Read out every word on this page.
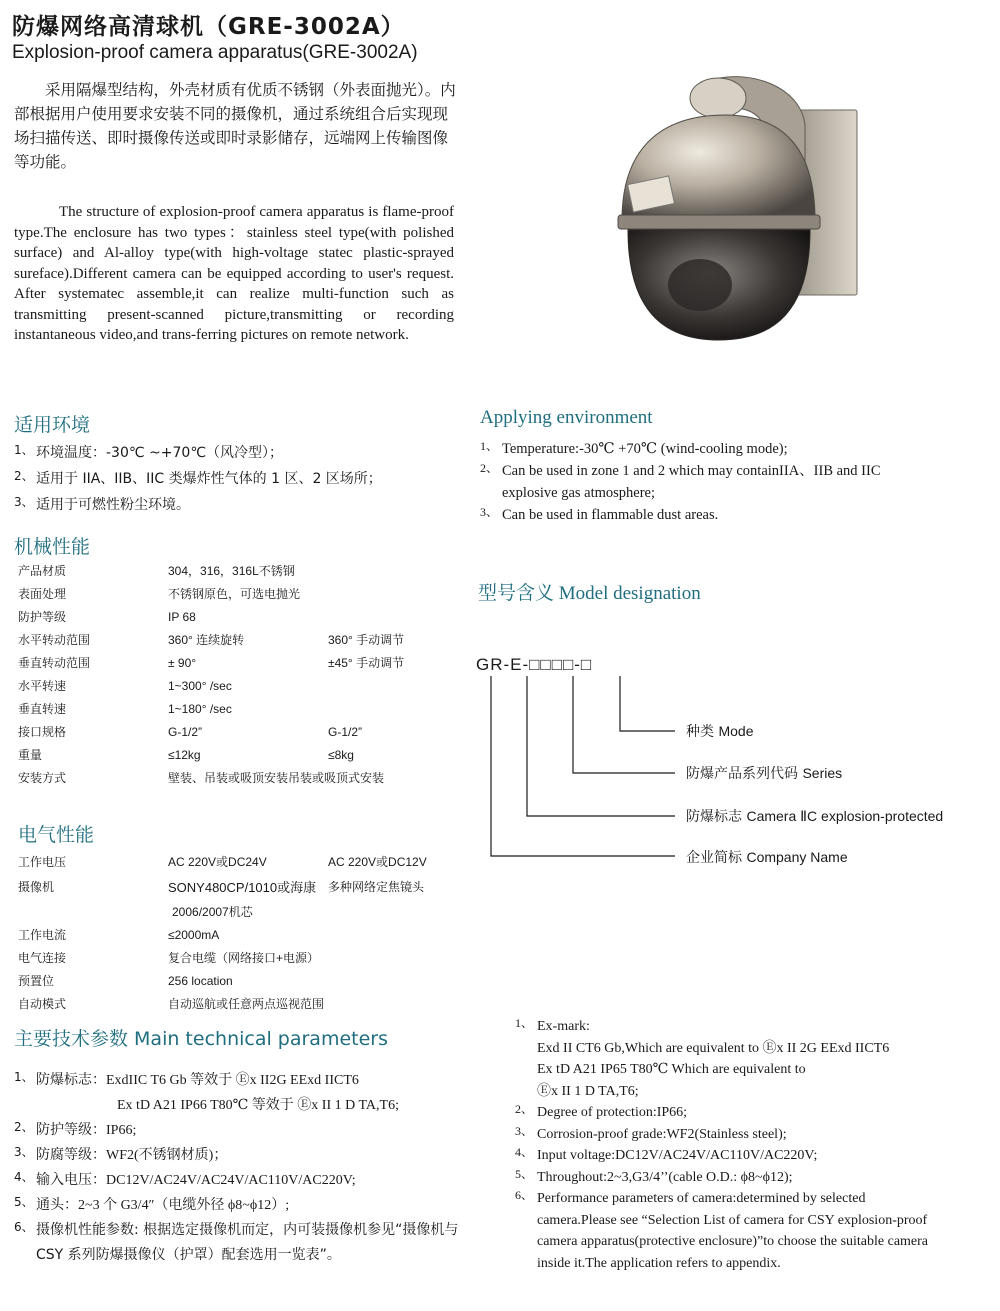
防爆网络高清球机（GRE-3002A）
Explosion-proof camera apparatus(GRE-3002A)

采用隔爆型结构，外壳材质有优质不锈钢（外表面抛光）。内部根据用户使用要求安装不同的摄像机，通过系统组合后实现现场扫描传送、即时摄像传送或即时录影储存，远端网上传输图像等功能。

The structure of explosion-proof camera apparatus is flame-proof type.The enclosure has two types：stainless steel type(with polished surface) and Al-alloy type(with high-voltage statec plastic-sprayed sureface).Different camera can be equipped according to user's request. After systematec assemble,it can realize multi-function such as transmitting present-scanned picture,transmitting or recording instantaneous video,and trans-ferring pictures on remote network.

适用环境
1、 环境温度：-30℃ ~+70℃（风冷型）；
2、 适用于 IIA、IIB、IIC 类爆炸性气体的 1 区、2 区场所；
3、 适用于可燃性粉尘环境。
Applying environment
1、 Temperature:-30℃ +70℃ (wind-cooling mode);
2、 Can be used in zone 1 and 2 which may containIIA、IIB and IIC explosive gas atmosphere;
3、 Can be used in flammable dust areas.
机械性能
产品材质	304，316，316L不锈钢	
表面处理	不锈钢原色，可选电抛光	
防护等级	IP 68	
水平转动范围	360° 连续旋转	360° 手动调节
垂直转动范围	± 90°	±45° 手动调节
水平转速	1~300° /sec	
垂直转速	1~180° /sec	
接口规格	G-1/2”	G-1/2”
重量	≤12kg	≤8kg
安装方式	壁装、吊装或吸顶安装吊装或吸顶式安装	
电气性能
工作电压	AC 220V或DC24V	AC 220V或DC12V
摄像机	SONY480CP/1010或海康	多种网络定焦镜头
	2006/2007机芯	
工作电流	≤2000mA	
电气连接	复合电缆（网络接口+电源）	
预置位	256 location	
自动模式	自动巡航或任意两点巡视范围	
型号含义 Model designation
GR-E-□□□□-□
种类 Mode
防爆产品系列代码 Series
防爆标志 Camera ⅡC explosion-protected
企业简标 Company Name
主要技术参数 Main technical parameters
1、 防爆标志： ExdIIC T6 Gb 等效于 Ⓔx II2G EExd IICT6
Ex tD A21 IP66 T80℃ 等效于 Ⓔx II 1 D TA,T6;
2、 防护等级： IP66;
3、 防腐等级： WF2(不锈钢材质)；
4、 输入电压： DC12V/AC24V/AC24V/AC110V/AC220V;
5、 通头： 2~3 个 G3/4″（电缆外径 ϕ8~ϕ12）;
6、 摄像机性能参数: 根据选定摄像机而定，内可装摄像机参见“摄像机与 CSY 系列防爆摄像仪（护罩）配套选用一览表”。
1、 Ex-mark:
Exd II CT6 Gb,Which are equivalent to Ⓔx II 2G EExd IICT6
Ex tD A21 IP65 T80℃ Which are equivalent to
Ⓔx II 1 D TA,T6;
2、 Degree of protection:IP66;
3、 Corrosion-proof grade:WF2(Stainless steel);
4、 Input voltage:DC12V/AC24V/AC110V/AC220V;
5、 Throughout:2~3,G3/4’’(cable O.D.: ϕ8~ϕ12);
6、 Performance parameters of camera:determined by selected camera.Please see “Selection List of camera for CSY explosion-proof camera apparatus(protective enclosure)”to choose the suitable camera inside it.The application refers to appendix.
